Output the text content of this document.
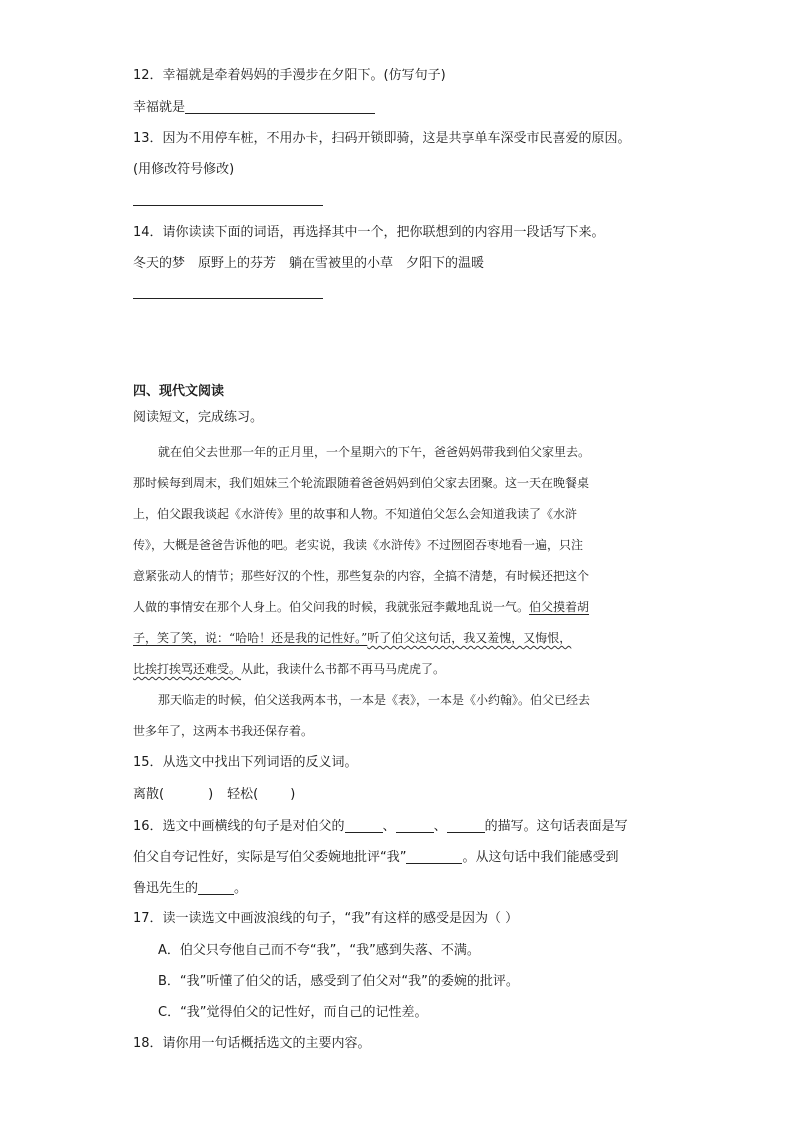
12．幸福就是牵着妈妈的手漫步在夕阳下。(仿写句子)
幸福就是
13．因为不用停车桩，不用办卡，扫码开锁即骑，这是共享单车深受市民喜爱的原因。
(用修改符号修改)
14．请你读读下面的词语，再选择其中一个，把你联想到的内容用一段话写下来。
冬天的梦 原野上的芬芳 躺在雪被里的小草 夕阳下的温暖
四、现代文阅读
阅读短文，完成练习。
就在伯父去世那一年的正月里，一个星期六的下午，爸爸妈妈带我到伯父家里去。
那时候每到周末，我们姐妹三个轮流跟随着爸爸妈妈到伯父家去团聚。这一天在晚餐桌
上，伯父跟我谈起《水浒传》里的故事和人物。不知道伯父怎么会知道我读了《水浒
传》，大概是爸爸告诉他的吧。老实说，我读《水浒传》不过囫囵吞枣地看一遍，只注
意紧张动人的情节；那些好汉的个性，那些复杂的内容，全搞不清楚，有时候还把这个
人做的事情安在那个人身上。伯父问我的时候，我就张冠李戴地乱说一气。伯父摸着胡
子，笑了笑，说：“哈哈！还是我的记性好。”听了伯父这句话，我又羞愧，又悔恨，
比挨打挨骂还难受。从此，我读什么书都不再马马虎虎了。
那天临走的时候，伯父送我两本书，一本是《表》，一本是《小约翰》。伯父已经去
世多年了，这两本书我还保存着。
15．从选文中找出下列词语的反义词。
离散(	) 轻松( )
16．选文中画横线的句子是对伯父的	、	、	的描写。这句话表面是写
伯父自夸记性好，实际是写伯父委婉地批评“我”	。从这句话中我们能感受到
鲁迅先生的	。
17．读一读选文中画波浪线的句子，“我”有这样的感受是因为（ ）
A．伯父只夸他自己而不夸“我”，“我”感到失落、不满。
B．“我”听懂了伯父的话，感受到了伯父对“我”的委婉的批评。
C．“我”觉得伯父的记性好，而自己的记性差。
18．请你用一句话概括选文的主要内容。
